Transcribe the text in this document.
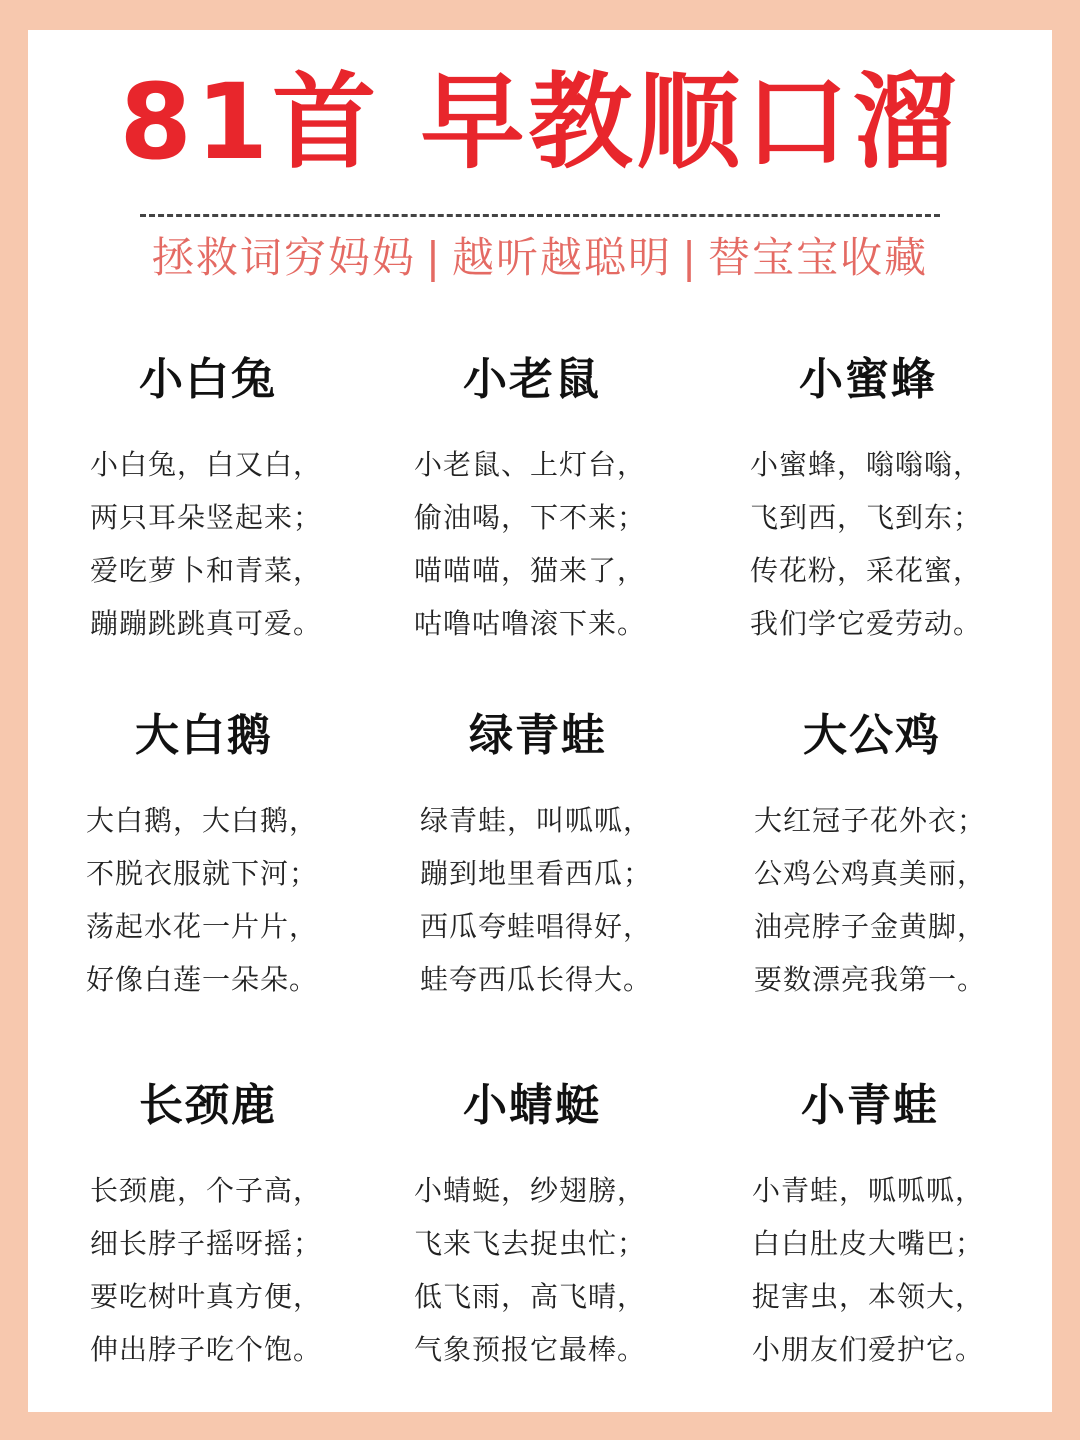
81首 早教顺口溜
拯救词穷妈妈 | 越听越聪明 | 替宝宝收藏
小白兔
小白兔，白又白，
两只耳朵竖起来；
爱吃萝卜和青菜，
蹦蹦跳跳真可爱。
小老鼠
小老鼠、上灯台，
偷油喝，下不来；
喵喵喵，猫来了，
咕噜咕噜滚下来。
小蜜蜂
小蜜蜂，嗡嗡嗡，
飞到西，飞到东；
传花粉，采花蜜，
我们学它爱劳动。
大白鹅
大白鹅，大白鹅，
不脱衣服就下河；
荡起水花一片片，
好像白莲一朵朵。
绿青蛙
绿青蛙，叫呱呱，
蹦到地里看西瓜；
西瓜夸蛙唱得好，
蛙夸西瓜长得大。
大公鸡
大红冠子花外衣；
公鸡公鸡真美丽，
油亮脖子金黄脚，
要数漂亮我第一。
长颈鹿
长颈鹿，个子高，
细长脖子摇呀摇；
要吃树叶真方便，
伸出脖子吃个饱。
小蜻蜓
小蜻蜓，纱翅膀，
飞来飞去捉虫忙；
低飞雨，高飞晴，
气象预报它最棒。
小青蛙
小青蛙，呱呱呱，
白白肚皮大嘴巴；
捉害虫，本领大，
小朋友们爱护它。
